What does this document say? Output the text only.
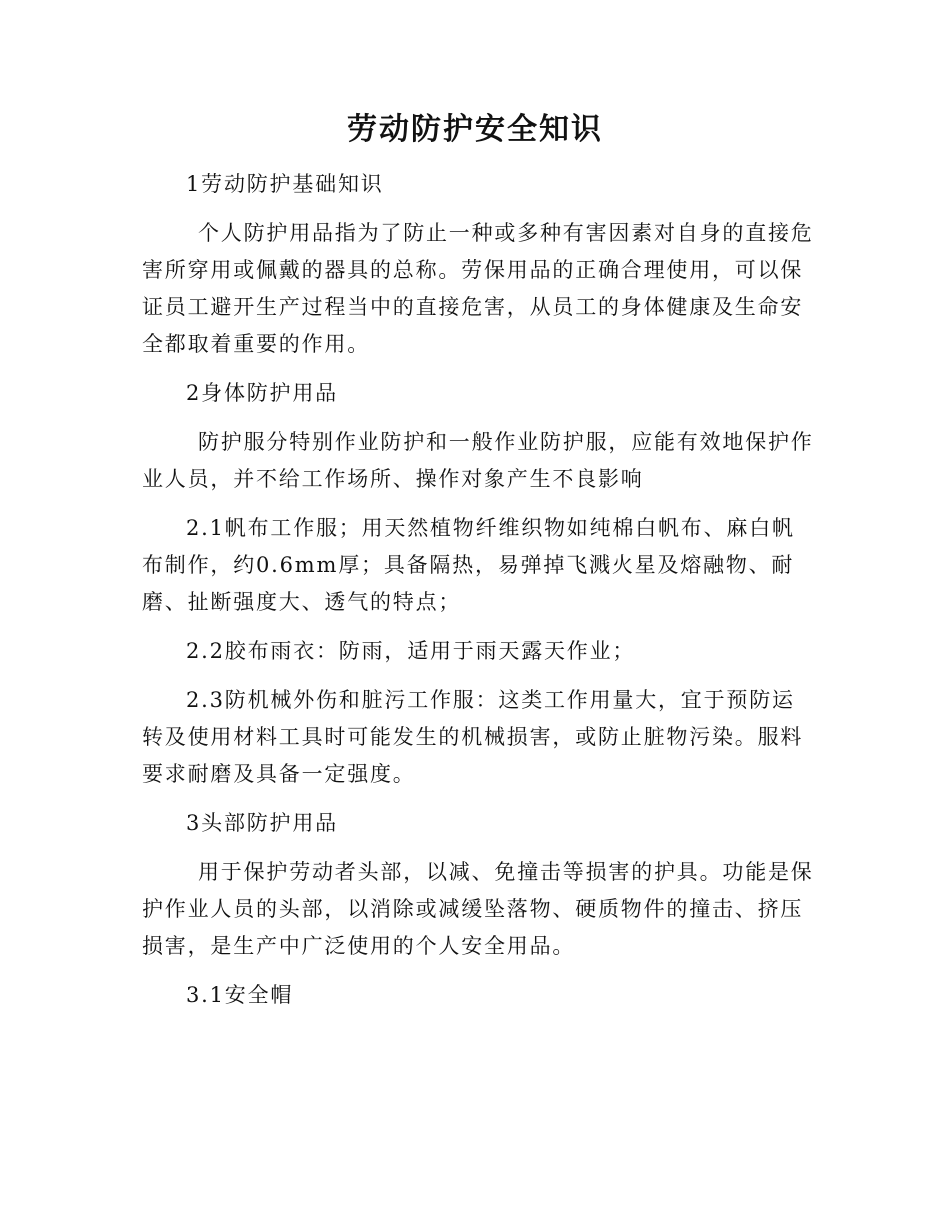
劳动防护安全知识

1劳动防护基础知识

个人防护用品指为了防止一种或多种有害因素对自身的直接危害所穿用或佩戴的器具的总称。劳保用品的正确合理使用，可以保证员工避开生产过程当中的直接危害，从员工的身体健康及生命安全都取着重要的作用。

2身体防护用品

防护服分特别作业防护和一般作业防护服，应能有效地保护作业人员，并不给工作场所、操作对象产生不良影响

2.1帆布工作服；用天然植物纤维织物如纯棉白帆布、麻白帆布制作，约0.6mm厚；具备隔热，易弹掉飞溅火星及熔融物、耐磨、扯断强度大、透气的特点；

2.2胶布雨衣：防雨，适用于雨天露天作业；

2.3防机械外伤和脏污工作服：这类工作用量大，宜于预防运转及使用材料工具时可能发生的机械损害，或防止脏物污染。服料要求耐磨及具备一定强度。

3头部防护用品

用于保护劳动者头部，以减、免撞击等损害的护具。功能是保护作业人员的头部，以消除或减缓坠落物、硬质物件的撞击、挤压损害，是生产中广泛使用的个人安全用品。

3.1安全帽
